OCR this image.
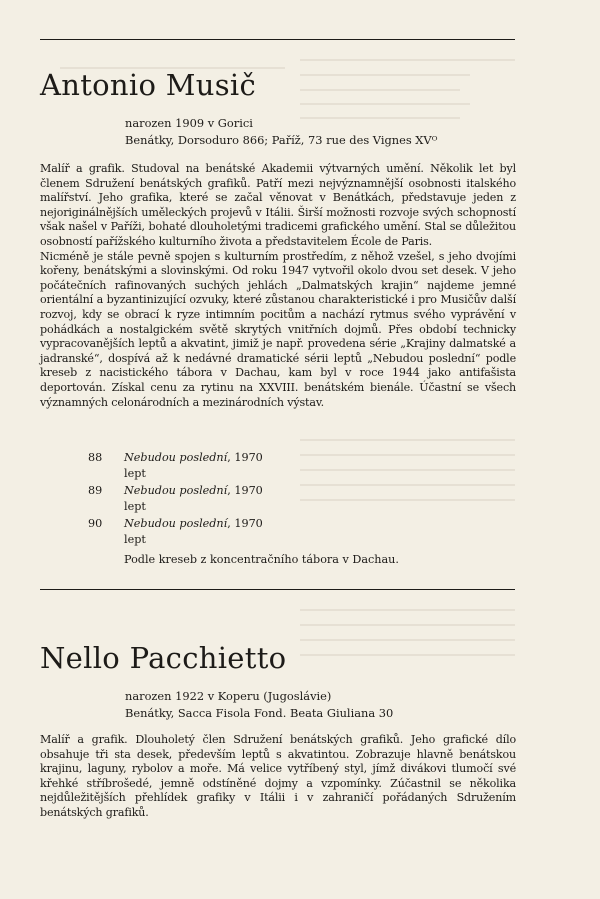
Antonio Musič
narozen 1909 v Gorici
Benátky, Dorsoduro 866; Paříž, 73 rue des Vignes XVᴼ

Malíř a grafik. Studoval na benátské Akademii výtvarných umění. Několik let byl členem Sdružení benátských grafiků. Patří mezi nejvýznamnější osobnosti italského malířství. Jeho grafika, které se začal věnovat v Benátkách, představuje jeden z nejoriginálnějších uměleckých projevů v Itálii. Širší možnosti rozvoje svých schopností však našel v Paříži, bohaté dlouholetými tradicemi grafického umění. Stal se důležitou osobností pařížského kulturního života a představitelem École de Paris.

Nicméně je stále pevně spojen s kulturním prostředím, z něhož vzešel, s jeho dvojími kořeny, benátskými a slovinskými. Od roku 1947 vytvořil okolo dvou set desek. V jeho počátečních rafinovaných suchých jehlách „Dalmatských krajin“ najdeme jemné orientální a byzantinizující ozvuky, které zůstanou charakteristické i pro Musičův další rozvoj, kdy se obrací k ryze intimním pocitům a nachází rytmus svého vyprávění v pohádkách a nostalgickém světě skrytých vnitřních dojmů. Přes období technicky vypracovanějších leptů a akvatint, jimiž je např. provedena série „Krajiny dalmatské a jadranské“, dospívá až k nedávné dramatické sérii leptů „Nebudou poslední“ podle kreseb z nacistického tábora v Dachau, kam byl v roce 1944 jako antifašista deportován. Získal cenu za rytinu na XXVIII. benátském bienále. Účastní se všech významných celonárodních a mezinárodních výstav.

88	Nebudou poslední, 1970
lept
89	Nebudou poslední, 1970
lept
90	Nebudou poslední, 1970
lept
Podle kreseb z koncentračního tábora v Dachau.
Nello Pacchietto
narozen 1922 v Koperu (Jugoslávie)
Benátky, Sacca Fisola Fond. Beata Giuliana 30

Malíř a grafik. Dlouholetý člen Sdružení benátských grafiků. Jeho grafické dílo obsahuje tři sta desek, především leptů s akvatintou. Zobrazuje hlavně benátskou krajinu, laguny, rybolov a moře. Má velice vytříbený styl, jímž divákovi tlumočí své křehké stříbrošedé, jemně odstíněné dojmy a vzpomínky. Zúčastnil se několika nejdůležitějších přehlídek grafiky v Itálii i v zahraničí pořádaných Sdružením benátských grafiků.
